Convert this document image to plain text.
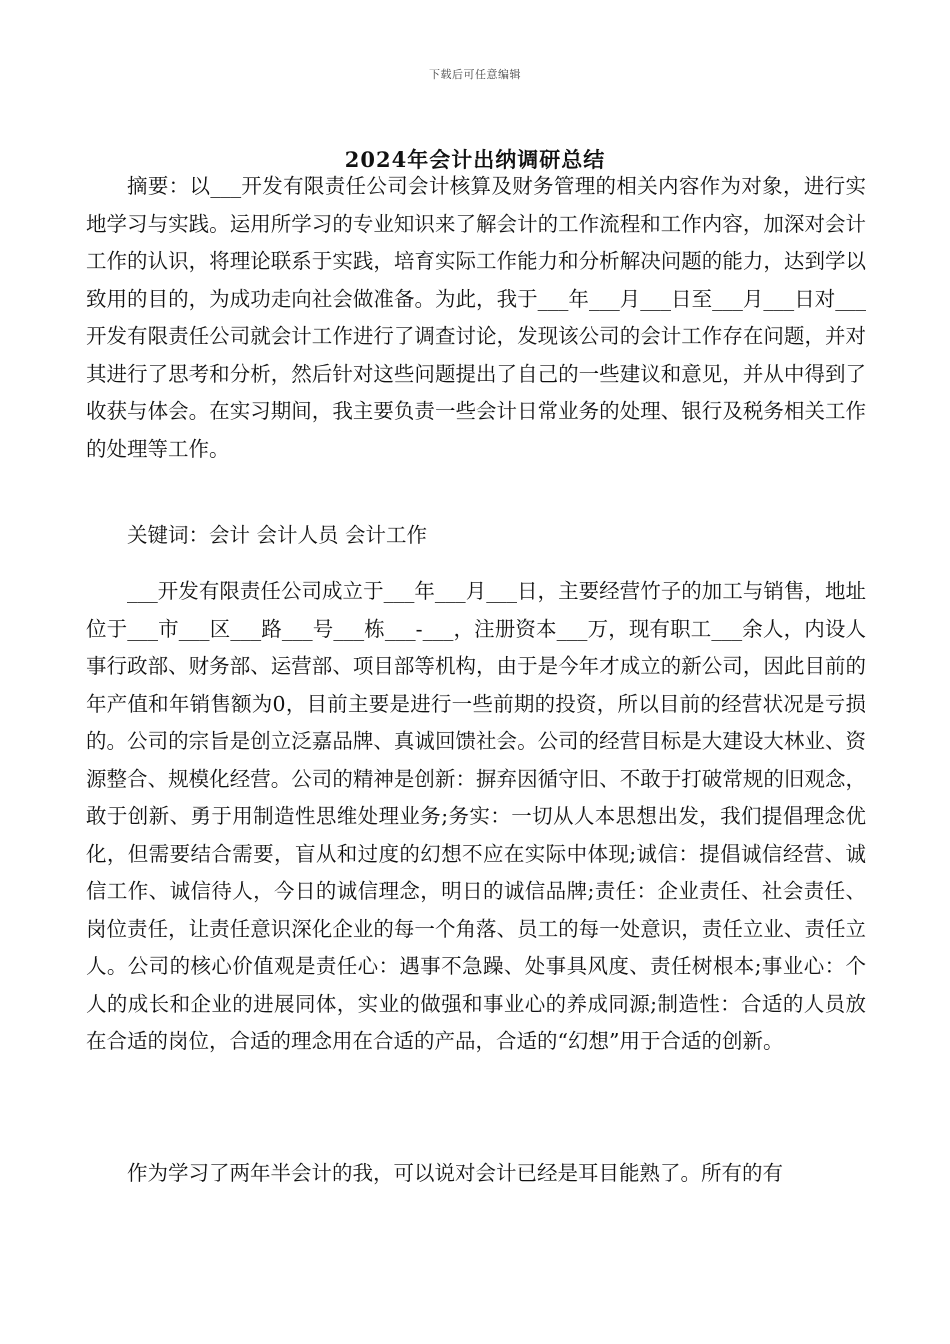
下载后可任意编辑
2024年会计出纳调研总结

摘要：以___开发有限责任公司会计核算及财务管理的相关内容作为对象，进行实地学习与实践。运用所学习的专业知识来了解会计的工作流程和工作内容，加深对会计工作的认识，将理论联系于实践，培育实际工作能力和分析解决问题的能力，达到学以致用的目的，为成功走向社会做准备。为此，我于___年___月___日至___月___日对___开发有限责任公司就会计工作进行了调查讨论，发现该公司的会计工作存在问题，并对其进行了思考和分析，然后针对这些问题提出了自己的一些建议和意见，并从中得到了收获与体会。在实习期间，我主要负责一些会计日常业务的处理、银行及税务相关工作的处理等工作。

关键词：会计 会计人员 会计工作

___开发有限责任公司成立于___年___月___日，主要经营竹子的加工与销售，地址位于___市___区___路___号___栋___-___，注册资本___万，现有职工___余人，内设人事行政部、财务部、运营部、项目部等机构，由于是今年才成立的新公司，因此目前的年产值和年销售额为0，目前主要是进行一些前期的投资，所以目前的经营状况是亏损的。公司的宗旨是创立泛嘉品牌、真诚回馈社会。公司的经营目标是大建设大林业、资源整合、规模化经营。公司的精神是创新：摒弃因循守旧、不敢于打破常规的旧观念，敢于创新、勇于用制造性思维处理业务;务实：一切从人本思想出发，我们提倡理念优化，但需要结合需要，盲从和过度的幻想不应在实际中体现;诚信：提倡诚信经营、诚信工作、诚信待人，今日的诚信理念，明日的诚信品牌;责任：企业责任、社会责任、岗位责任，让责任意识深化企业的每一个角落、员工的每一处意识，责任立业、责任立人。公司的核心价值观是责任心：遇事不急躁、处事具风度、责任树根本;事业心：个人的成长和企业的进展同体，实业的做强和事业心的养成同源;制造性：合适的人员放在合适的岗位，合适的理念用在合适的产品，合适的“幻想”用于合适的创新。

作为学习了两年半会计的我，可以说对会计已经是耳目能熟了。所有的有
